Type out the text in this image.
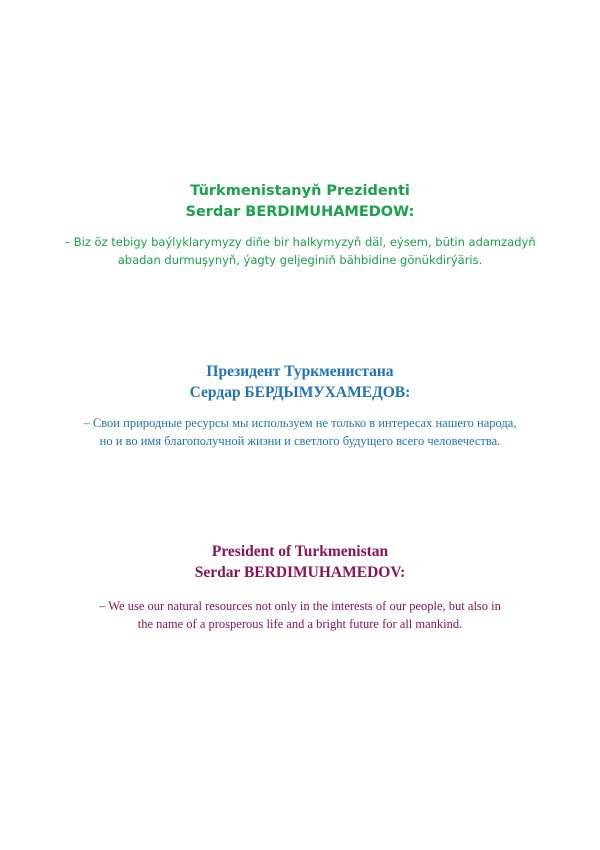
Türkmenistanyň Prezidenti
Serdar BERDIMUHAMEDOW:

– Biz öz tebigy baýlyklarymyzy diňe bir halkymyzyň däl, eýsem, bütin adamzadyň
abadan durmuşynyň, ýagty geljeginiň bähbidine gönükdirýäris.

Президент Туркменистана
Сердар БЕРДЫМУХАМЕДОВ:

– Свои природные ресурсы мы используем не только в интересах нашего народа,
но и во имя благополучной жизни и светлого будущего всего человечества.

President of Turkmenistan
Serdar BERDIMUHAMEDOV:

– We use our natural resources not only in the interests of our people, but also in
the name of a prosperous life and a bright future for all mankind.
